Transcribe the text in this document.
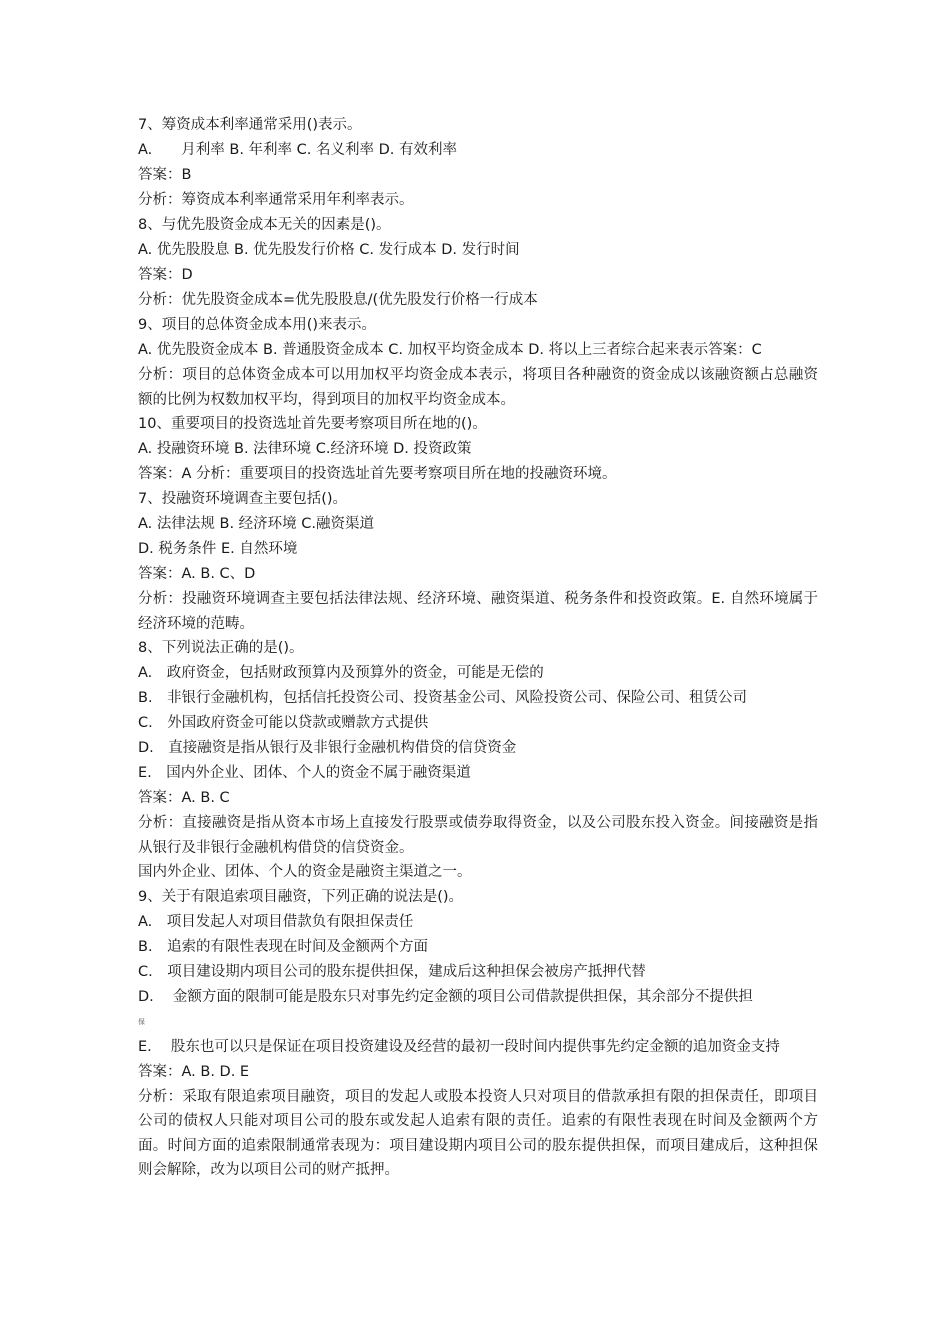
7、筹资成本利率通常采用()表示。
A.　　月利率 B. 年利率 C. 名义利率 D. 有效利率
答案：B
分析：筹资成本利率通常采用年利率表示。
8、与优先股资金成本无关的因素是()。
A. 优先股股息 B. 优先股发行价格 C. 发行成本 D. 发行时间
答案：D
分析：优先股资金成本=优先股股息/(优先股发行价格一行成本
9、项目的总体资金成本用()来表示。
A. 优先股资金成本 B. 普通股资金成本 C. 加权平均资金成本 D. 将以上三者综合起来表示答案：C
分析：项目的总体资金成本可以用加权平均资金成本表示，将项目各种融资的资金成以该融资额占总融资额的比例为权数加权平均，得到项目的加权平均资金成本。
10、重要项目的投资选址首先要考察项目所在地的()。
A. 投融资环境 B. 法律环境 C.经济环境 D. 投资政策
答案：A 分析：重要项目的投资选址首先要考察项目所在地的投融资环境。
7、投融资环境调查主要包括()。
A. 法律法规 B. 经济环境 C.融资渠道
D. 税务条件 E. 自然环境
答案：A. B. C、D
分析：投融资环境调查主要包括法律法规、经济环境、融资渠道、税务条件和投资政策。E. 自然环境属于经济环境的范畴。
8、下列说法正确的是()。
A.　政府资金，包括财政预算内及预算外的资金，可能是无偿的
B.　非银行金融机构，包括信托投资公司、投资基金公司、风险投资公司、保险公司、租赁公司
C.　外国政府资金可能以贷款或赠款方式提供
D.　直接融资是指从银行及非银行金融机构借贷的信贷资金
E.　国内外企业、团体、个人的资金不属于融资渠道
答案：A. B. C
分析：直接融资是指从资本市场上直接发行股票或债券取得资金，以及公司股东投入资金。间接融资是指从银行及非银行金融机构借贷的信贷资金。
国内外企业、团体、个人的资金是融资主渠道之一。
9、关于有限追索项目融资，下列正确的说法是()。
A.　项目发起人对项目借款负有限担保责任
B.　追索的有限性表现在时间及金额两个方面
C.　项目建设期内项目公司的股东提供担保，建成后这种担保会被房产抵押代替
D.　 金额方面的限制可能是股东只对事先约定金额的项目公司借款提供担保，其余部分不提供担
保
E.　 股东也可以只是保证在项目投资建设及经营的最初一段时间内提供事先约定金额的追加资金支持
答案：A. B. D. E
分析：采取有限追索项目融资，项目的发起人或股本投资人只对项目的借款承担有限的担保责任，即项目公司的债权人只能对项目公司的股东或发起人追索有限的责任。追索的有限性表现在时间及金额两个方面。时间方面的追索限制通常表现为：项目建设期内项目公司的股东提供担保，而项目建成后，这种担保则会解除，改为以项目公司的财产抵押。
